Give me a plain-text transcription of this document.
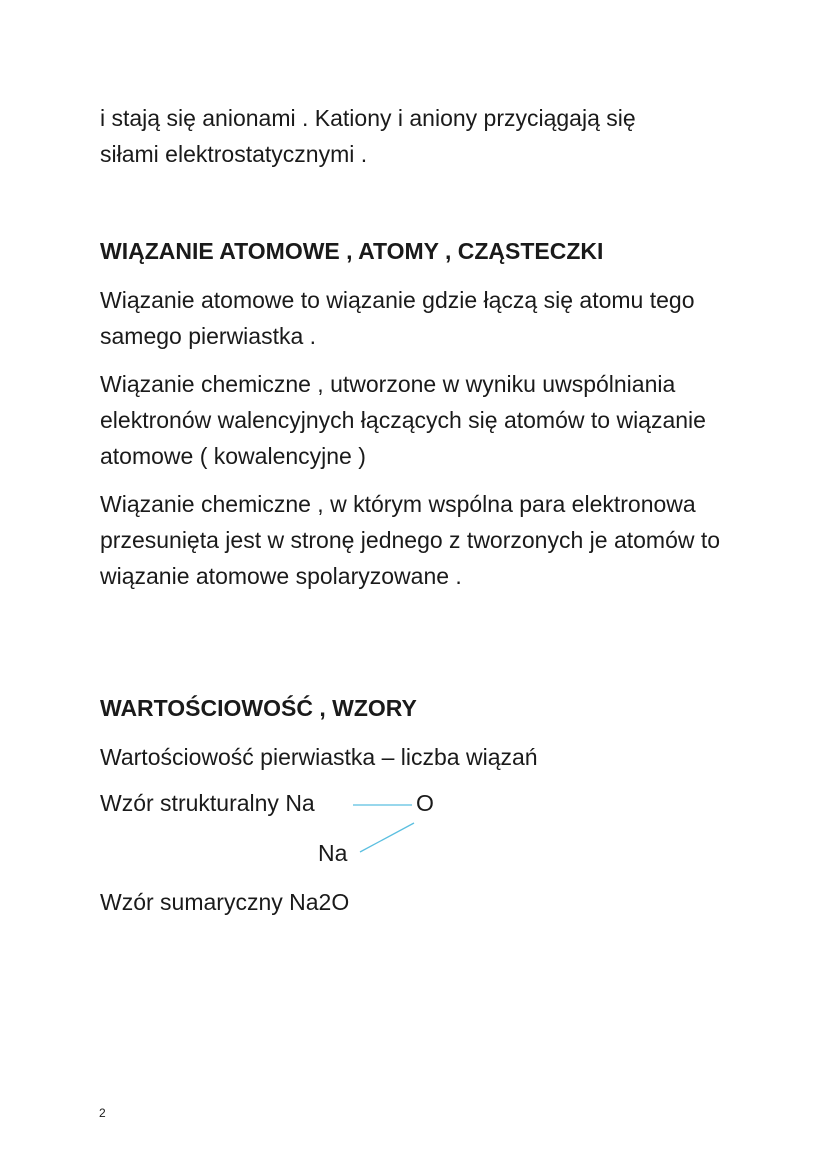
i stają się anionami . Kationy i aniony przyciągają się
siłami elektrostatycznymi .

WIĄZANIE ATOMOWE , ATOMY , CZĄSTECZKI

Wiązanie atomowe to wiązanie gdzie łączą się atomu tego samego pierwiastka .

Wiązanie chemiczne , utworzone w wyniku uwspólniania elektronów walencyjnych łączących się atomów to wiązanie atomowe ( kowalencyjne )

Wiązanie chemiczne , w którym wspólna para elektronowa przesunięta jest w stronę jednego z tworzonych je atomów to wiązanie atomowe spolaryzowane .

WARTOŚCIOWOŚĆ , WZORY

Wartościowość pierwiastka – liczba wiązań

Wzór strukturalny Na	O
Na

Wzór sumaryczny Na2O

2
